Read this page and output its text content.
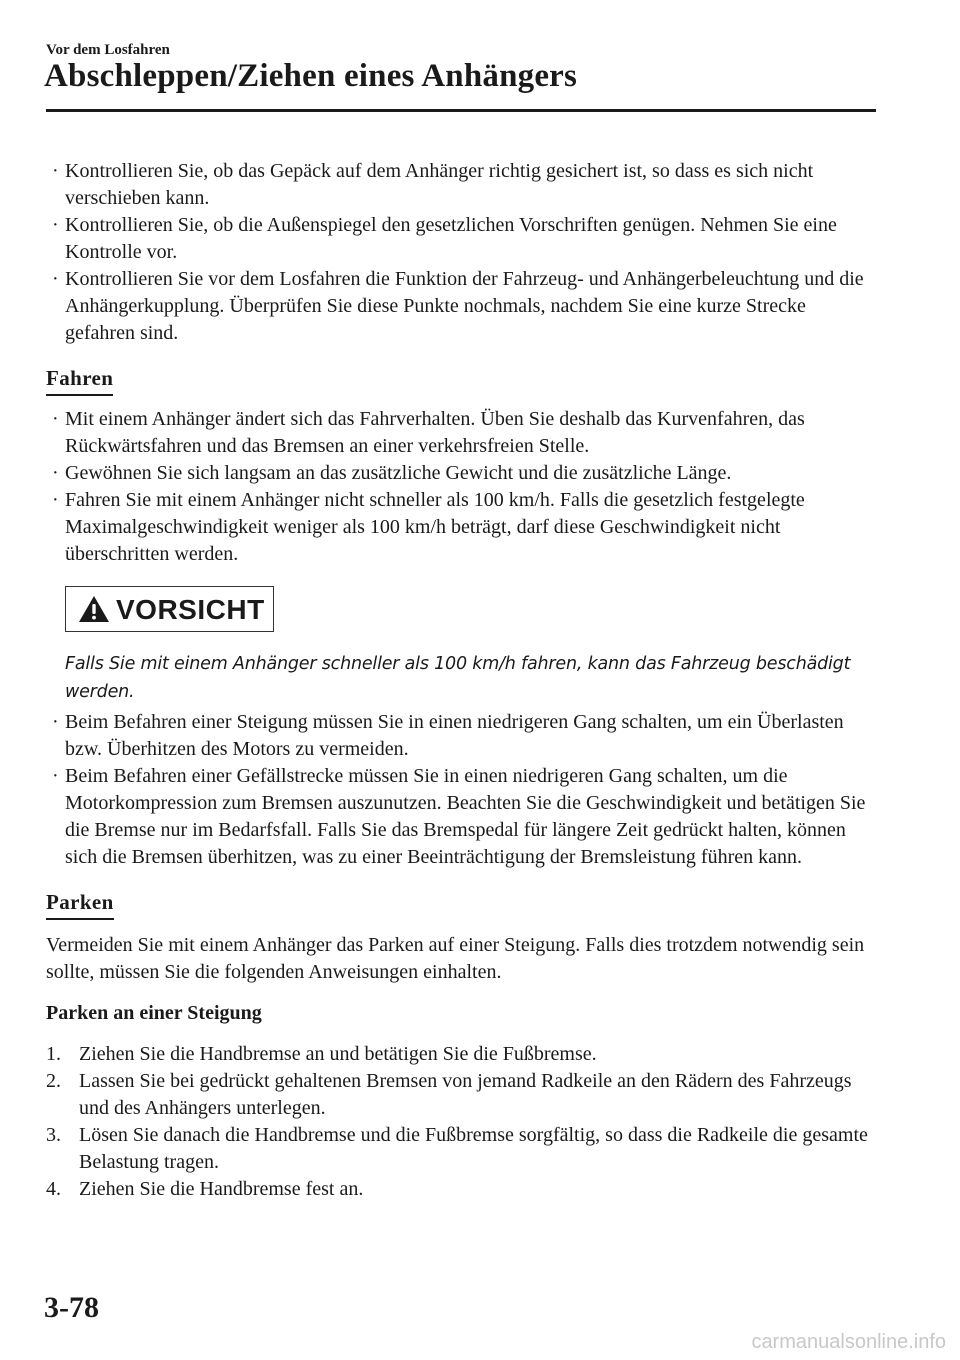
Vor dem Losfahren
Abschleppen/Ziehen eines Anhängers
· Kontrollieren Sie, ob das Gepäck auf dem Anhänger richtig gesichert ist, so dass es sich nicht verschieben kann.
· Kontrollieren Sie, ob die Außenspiegel den gesetzlichen Vorschriften genügen. Nehmen Sie eine Kontrolle vor.
· Kontrollieren Sie vor dem Losfahren die Funktion der Fahrzeug- und Anhängerbeleuchtung und die Anhängerkupplung. Überprüfen Sie diese Punkte nochmals, nachdem Sie eine kurze Strecke gefahren sind.
Fahren
· Mit einem Anhänger ändert sich das Fahrverhalten. Üben Sie deshalb das Kurvenfahren, das Rückwärtsfahren und das Bremsen an einer verkehrsfreien Stelle.
· Gewöhnen Sie sich langsam an das zusätzliche Gewicht und die zusätzliche Länge.
· Fahren Sie mit einem Anhänger nicht schneller als 100 km/h. Falls die gesetzlich festgelegte Maximalgeschwindigkeit weniger als 100 km/h beträgt, darf diese Geschwindigkeit nicht überschritten werden.
VORSICHT

Falls Sie mit einem Anhänger schneller als 100 km/h fahren, kann das Fahrzeug beschädigt werden.

· Beim Befahren einer Steigung müssen Sie in einen niedrigeren Gang schalten, um ein Überlasten bzw. Überhitzen des Motors zu vermeiden.
· Beim Befahren einer Gefällstrecke müssen Sie in einen niedrigeren Gang schalten, um die Motorkompression zum Bremsen auszunutzen. Beachten Sie die Geschwindigkeit und betätigen Sie die Bremse nur im Bedarfsfall. Falls Sie das Bremspedal für längere Zeit gedrückt halten, können sich die Bremsen überhitzen, was zu einer Beeinträchtigung der Bremsleistung führen kann.
Parken

Vermeiden Sie mit einem Anhänger das Parken auf einer Steigung. Falls dies trotzdem notwendig sein sollte, müssen Sie die folgenden Anweisungen einhalten.

Parken an einer Steigung

1. Ziehen Sie die Handbremse an und betätigen Sie die Fußbremse.
2. Lassen Sie bei gedrückt gehaltenen Bremsen von jemand Radkeile an den Rädern des Fahrzeugs und des Anhängers unterlegen.
3. Lösen Sie danach die Handbremse und die Fußbremse sorgfältig, so dass die Radkeile die gesamte Belastung tragen.
4. Ziehen Sie die Handbremse fest an.
3-78
carmanualsonline.info
